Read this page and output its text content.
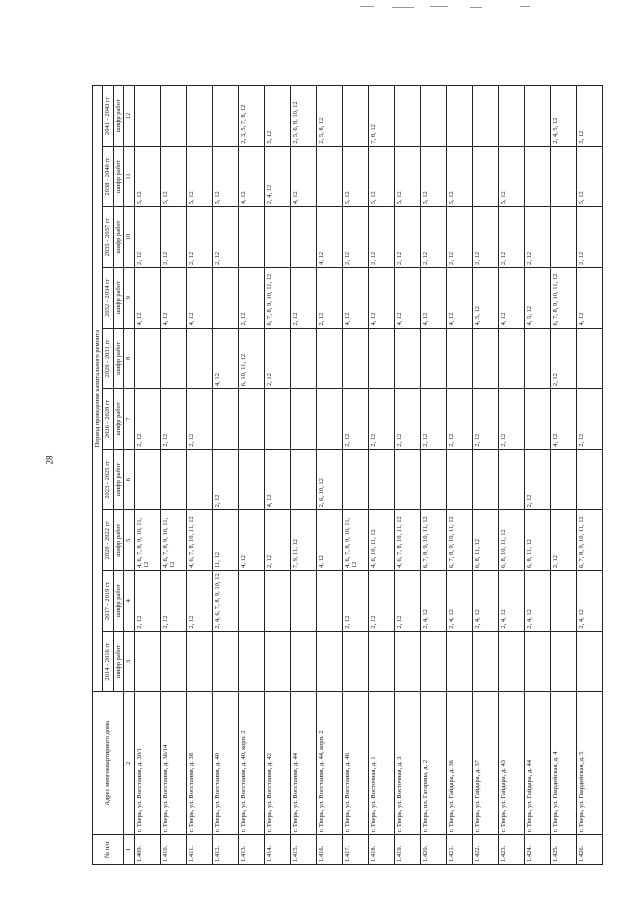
28
№ п/п	Адрес многоквартирного дома	Период проведения капитального ремонта									
		2014 - 2016 гг	2017 - 2019 гг	2020 - 2022 гг	2023 - 2025 гг	2026 - 2028 гг	2029 - 2031 гг	2032 - 2034 гг	2035 - 2037 гг	2038 - 2040 гг	2041 - 2043 гг
		шифр работ	шифр работ	шифр работ	шифр работ	шифр работ	шифр работ	шифр работ	шифр работ	шифр работ	шифр работ
1	2	3	4	5	6	7	8	9	10	11	12
1.409.	г. Тверь, ул. Восстания, д. 30/1		2, 12	4, 6, 7, 8, 9, 10, 11, 12		2, 12		4, 12	2, 12	5, 12	
1.410.	г. Тверь, ул. Восстания, д. 36/14		2, 12	4, 6, 7, 8, 9, 10, 11, 12		2, 12		4, 12	2, 12	5, 12	
1.411.	г. Тверь, ул. Восстания, д. 38		2, 12	4, 6, 7, 8, 10, 11, 12		2, 12		4, 12	2, 12	5, 12	
1.412.	г. Тверь, ул. Восстания, д. 40		2, 4, 6, 7, 8, 9, 10, 12	11, 12	2, 12		4, 12		2, 12	5, 12	
1.413.	г. Тверь, ул. Восстания, д. 40, корп. 2			4, 12			6, 10, 11, 12	2, 12		4, 12	2, 3, 5, 7, 8, 12
1.414.	г. Тверь, ул. Восстания, д. 42			2, 12	4, 12		2, 12	6, 7, 8, 9, 10, 11, 12		2, 4, 12	5, 12
1.415.	г. Тверь, ул. Восстания, д. 44			7, 9, 11, 12				2, 12		4, 12	2, 5, 6, 8, 10, 12
1.416.	г. Тверь, ул. Восстания, д. 44, корп. 2			4, 12	2, 6, 10, 12			2, 12	4, 12		2, 5, 8, 12
1.417.	г. Тверь, ул. Восстания, д. 46		2, 12	4, 6, 7, 8, 9, 10, 11, 12		2, 12		4, 12	2, 12	5, 12	
1.418.	г. Тверь, ул. Восточная, д. 1		2, 12	4, 6, 10, 11, 12		2, 12		4, 12	2, 12	5, 12	7, 8, 12
1.419.	г. Тверь, ул. Восточная, д. 3		2, 12	4, 6, 7, 8, 10, 11, 12		2, 12		4, 12	2, 12	5, 12	
1.420.	г. Тверь, пл. Гагарина, д. 2		2, 4, 12	6, 7, 8, 9, 10, 11, 12		2, 12		4, 12	2, 12	5, 12	
1.421.	г. Тверь, ул. Гайдара, д. 36		2, 4, 12	6, 7, 8, 9, 10, 11, 12		2, 12		4, 12	2, 12	5, 12	
1.422.	г. Тверь, ул. Гайдара, д. 37		2, 4, 12	6, 8, 11, 12		2, 12		4, 5, 12	2, 12		
1.423.	г. Тверь, ул. Гайдара, д. 43		2, 4, 12	6, 8, 10, 11, 12		2, 12		4, 12	2, 12	5, 12	
1.424.	г. Тверь, ул. Гайдара, д. 44		2, 4, 12	6, 8, 11, 12	2, 12			4, 5, 12	2, 12		
1.425.	г. Тверь, ул. Гвардейская, д. 4			2, 12		4, 12	2, 12	6, 7, 8, 9, 10, 11, 12			2, 4, 5, 12
1.426.	г. Тверь, ул. Гвардейская, д. 5		2, 4, 12	6, 7, 8, 9, 10, 11, 12		2, 12		4, 12	2, 12	5, 12	3, 12
